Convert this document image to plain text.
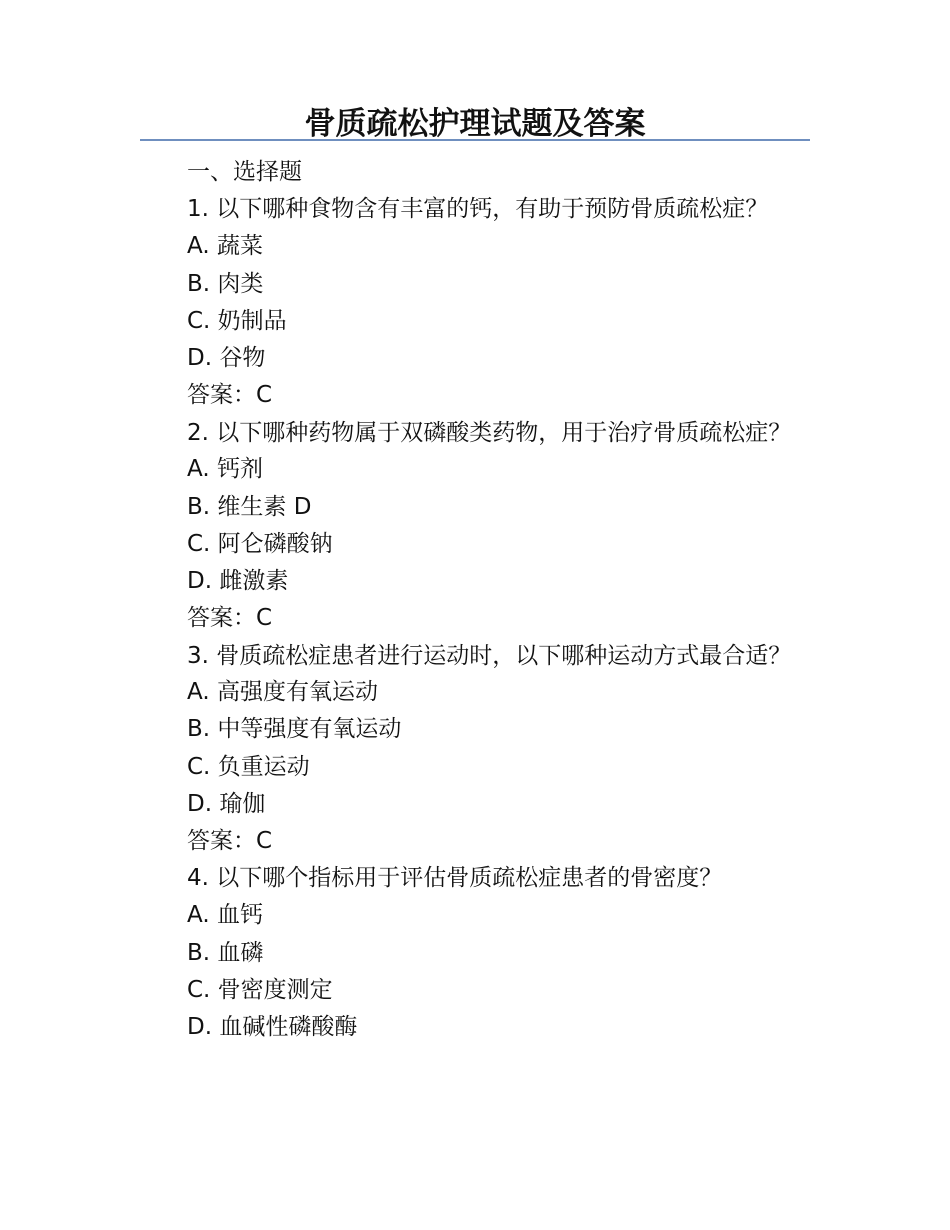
骨质疏松护理试题及答案
一、选择题
1. 以下哪种食物含有丰富的钙，有助于预防骨质疏松症？
A. 蔬菜
B. 肉类
C. 奶制品
D. 谷物
答案：C
2. 以下哪种药物属于双磷酸类药物，用于治疗骨质疏松症？
A. 钙剂
B. 维生素 D
C. 阿仑磷酸钠
D. 雌激素
答案：C
3. 骨质疏松症患者进行运动时，以下哪种运动方式最合适？
A. 高强度有氧运动
B. 中等强度有氧运动
C. 负重运动
D. 瑜伽
答案：C
4. 以下哪个指标用于评估骨质疏松症患者的骨密度？
A. 血钙
B. 血磷
C. 骨密度测定
D. 血碱性磷酸酶
